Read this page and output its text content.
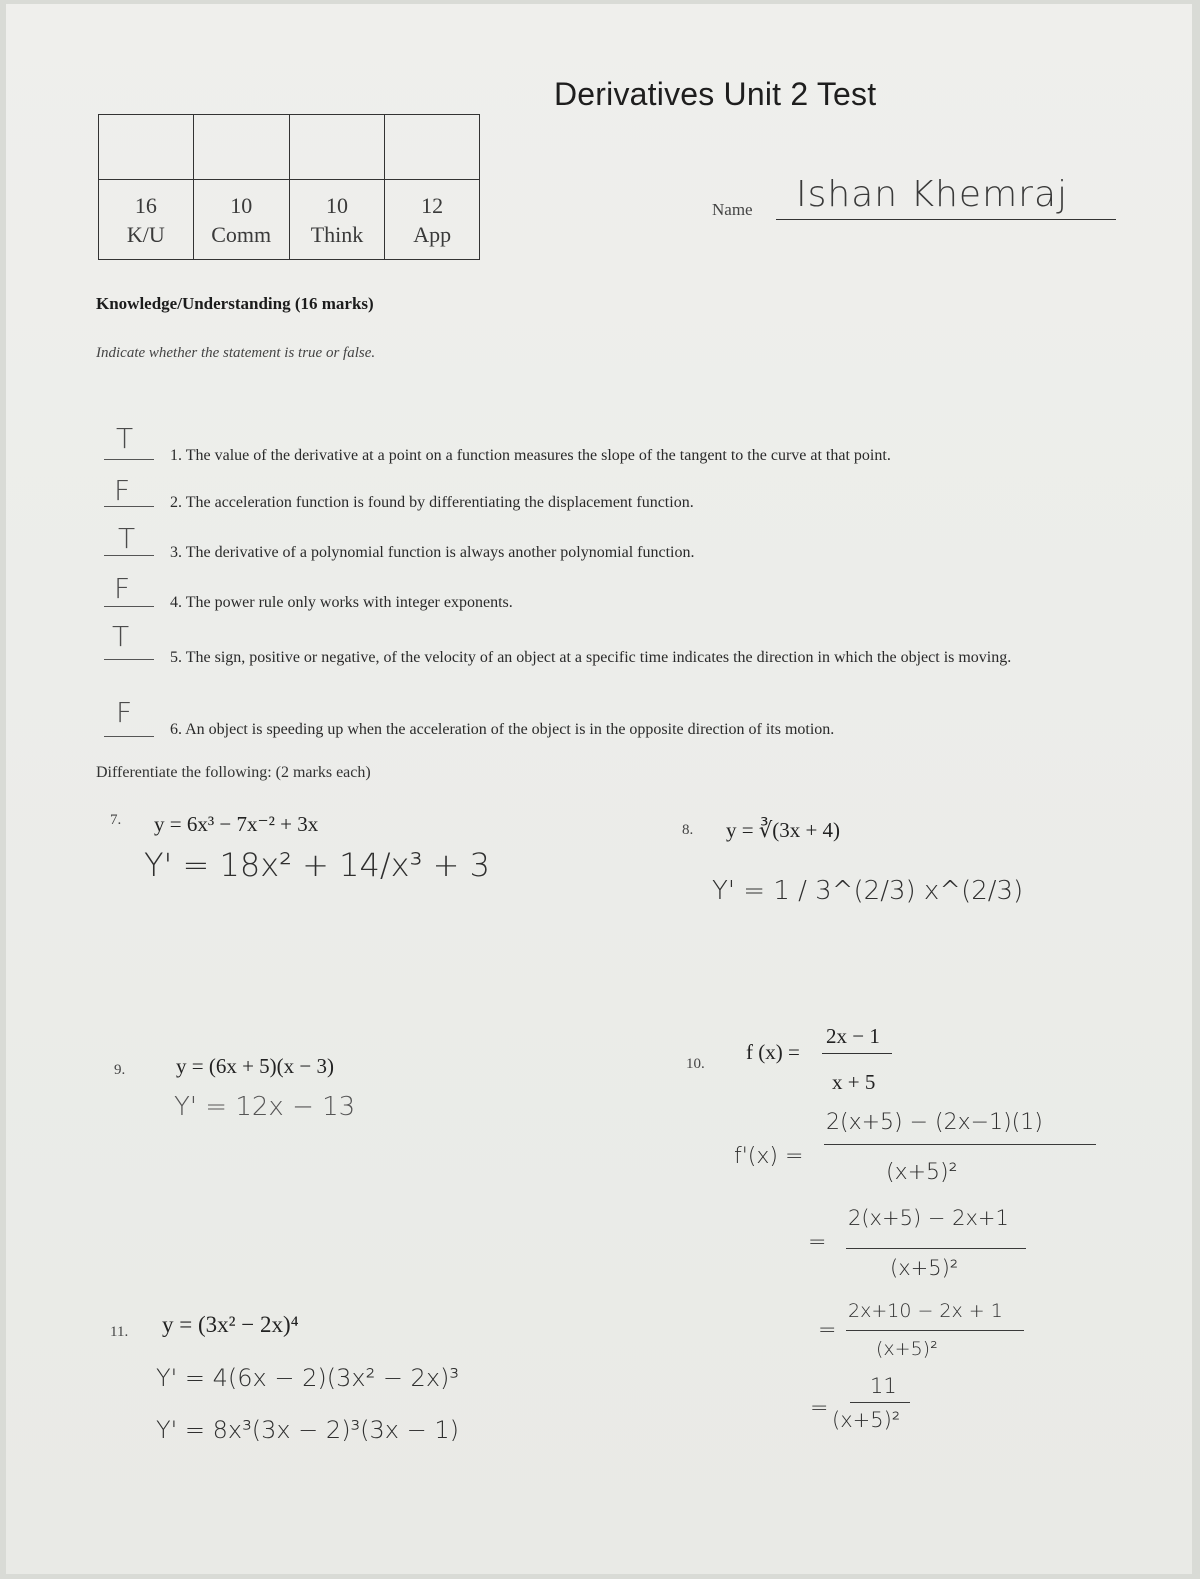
Derivatives Unit 2 Test

16	10	10	12
K/U	Comm	Think	App
Name Ishan Khemraj
Knowledge/Understanding (16 marks)
Indicate whether the statement is true or false.
T
1. The value of the derivative at a point on a function measures the slope of the tangent to the curve at that point.
F 2. The acceleration function is found by differentiating the displacement function.
T 3. The derivative of a polynomial function is always another polynomial function.
F 4. The power rule only works with integer exponents.
T
5. The sign, positive or negative, of the velocity of an object at a specific time indicates the direction in which the object is moving.
F
6. An object is speeding up when the acceleration of the object is in the opposite direction of its motion.
Differentiate the following: (2 marks each)
7. y = 6x³ − 7x⁻² + 3x
Y' = 18x² + 14/x³ + 3
8. y = ∛(3x + 4)
Y' = 1 / 3^(2/3) x^(2/3)
9. y = (6x + 5)(x − 3)
Y' = 12x − 13
10. f (x) =
2x − 1
x + 5
f'(x) =
2(x+5) − (2x−1)(1)
(x+5)²
=
2(x+5) − 2x+1
(x+5)²
=
2x+10 − 2x + 1
(x+5)²
=
11
(x+5)²
11. y = (3x² − 2x)⁴
Y' = 4(6x − 2)(3x² − 2x)³
Y' = 8x³(3x − 2)³(3x − 1)
